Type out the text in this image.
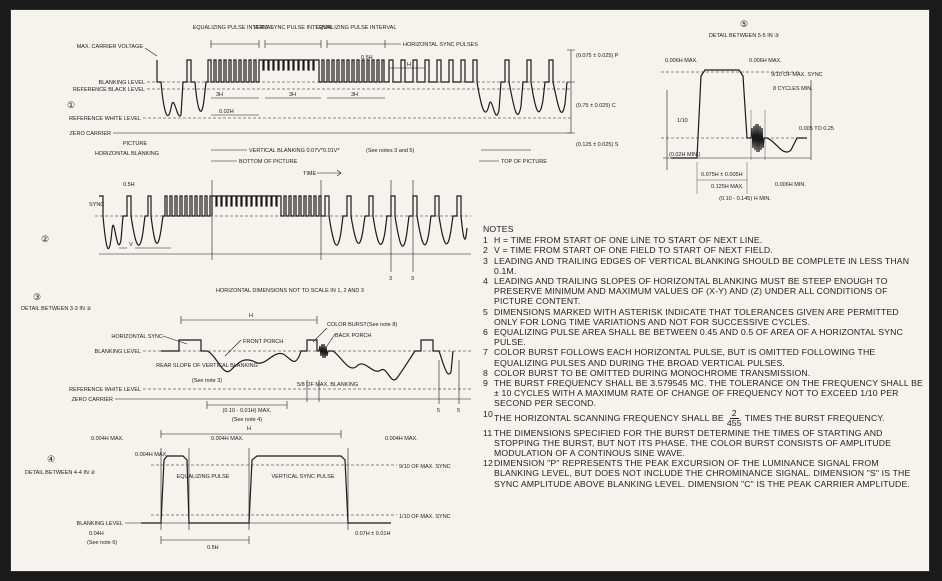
①
EQUALIZING PULSE INTERVAL
VERT. SYNC PULSE INTERVAL
EQUALIZING PULSE INTERVAL
HORIZONTAL SYNC PULSES
MAX. CARRIER VOLTAGE
BLANKING LEVEL
REFERENCE BLACK LEVEL
REFERENCE WHITE LEVEL
ZERO CARRIER
PICTURE
HORIZONTAL BLANKING
3H	3H	3H
0.02H
0.5H
H
(0.075 ± 0.025) P
(0.75 ± 0.025) C
(0.125 ± 0.025) S
VERTICAL BLANKING 0.07V*0.01V*	(See notes 3 and 5)
BOTTOM OF PICTURE	TOP OF PICTURE
TIME
②
SYNC
0.5H
V
3	3
HORIZONTAL DIMENSIONS NOT TO SCALE IN 1, 2 AND 3
③
DETAIL BETWEEN 3-3 IN ②
HORIZONTAL SYNC
BLANKING LEVEL
REAR SLOPE OF VERTICAL BLANKING
(See note 3)
FRONT PORCH
COLOR BURST (See note 8)
BACK PORCH
REFERENCE WHITE LEVEL
ZERO CARRIER
H
5/8 OF MAX. BLANKING
(0.10 - 0.01H) MAX.
(See note 4)
5	5
④
DETAIL BETWEEN 4-4 IN ②
0.004H MAX.
0.004H MAX.
0.004H MAX.	0.004H MAX.
H
EQUALIZING PULSE	VERTICAL SYNC PULSE
9/10 OF MAX. SYNC
1/10 OF MAX. SYNC
BLANKING LEVEL
0.04H
(See note 6)
0.5H
0.07H ± 0.01H
⑤
DETAIL BETWEEN 5-5 IN ③
0.006H MAX.	0.006H MAX.
9/10 OF MAX. SYNC
8 CYCLES MIN.
0.005 TO 0.25
1/10
(0.02H MIN.)
0.075H ± 0.005H
0.125H MAX.	0.006H MIN.
(0.10 - 0.145) H MIN.
NOTES
1 H = TIME FROM START OF ONE LINE TO START OF NEXT LINE.
2 V = TIME FROM START OF ONE FIELD TO START OF NEXT FIELD.
3 LEADING AND TRAILING EDGES OF VERTICAL BLANKING SHOULD BE COMPLETE IN LESS THAN 0.1M.
4 LEADING AND TRAILING SLOPES OF HORIZONTAL BLANKING MUST BE STEEP ENOUGH TO PRESERVE MINIMUM AND MAXIMUM VALUES OF (X-Y) AND (Z) UNDER ALL CONDITIONS OF PICTURE CONTENT.
5 DIMENSIONS MARKED WITH ASTERISK INDICATE THAT TOLERANCES GIVEN ARE PERMITTED ONLY FOR LONG TIME VARIATIONS AND NOT FOR SUCCESSIVE CYCLES.
6 EQUALIZING PULSE AREA SHALL BE BETWEEN 0.45 AND 0.5 OF AREA OF A HORIZONTAL SYNC PULSE.
7 COLOR BURST FOLLOWS EACH HORIZONTAL PULSE, BUT IS OMITTED FOLLOWING THE EQUALIZING PULSES AND DURING THE BROAD VERTICAL PULSES.
8 COLOR BURST TO BE OMITTED DURING MONOCHROME TRANSMISSION.
9 THE BURST FREQUENCY SHALL BE 3.579545 MC. THE TOLERANCE ON THE FREQUENCY SHALL BE ± 10 CYCLES WITH A MAXIMUM RATE OF CHANGE OF FREQUENCY NOT TO EXCEED 1/10 PER SECOND PER SECOND.
10 THE HORIZONTAL SCANNING FREQUENCY SHALL BE $\frac{2}{455}$ TIMES THE BURST FREQUENCY.
11 THE DIMENSIONS SPECIFIED FOR THE BURST DETERMINE THE TIMES OF STARTING AND STOPPING THE BURST, BUT NOT ITS PHASE. THE COLOR BURST CONSISTS OF AMPLITUDE MODULATION OF A CONTINOUS SINE WAVE.
12 DIMENSION "P" REPRESENTS THE PEAK EXCURSION OF THE LUMINANCE SIGNAL FROM BLANKING LEVEL, BUT DOES NOT INCLUDE THE CHROMINANCE SIGNAL. DIMENSION "S" IS THE SYNC AMPLITUDE ABOVE BLANKING LEVEL. DIMENSION "C" IS THE PEAK CARRIER AMPLITUDE.
